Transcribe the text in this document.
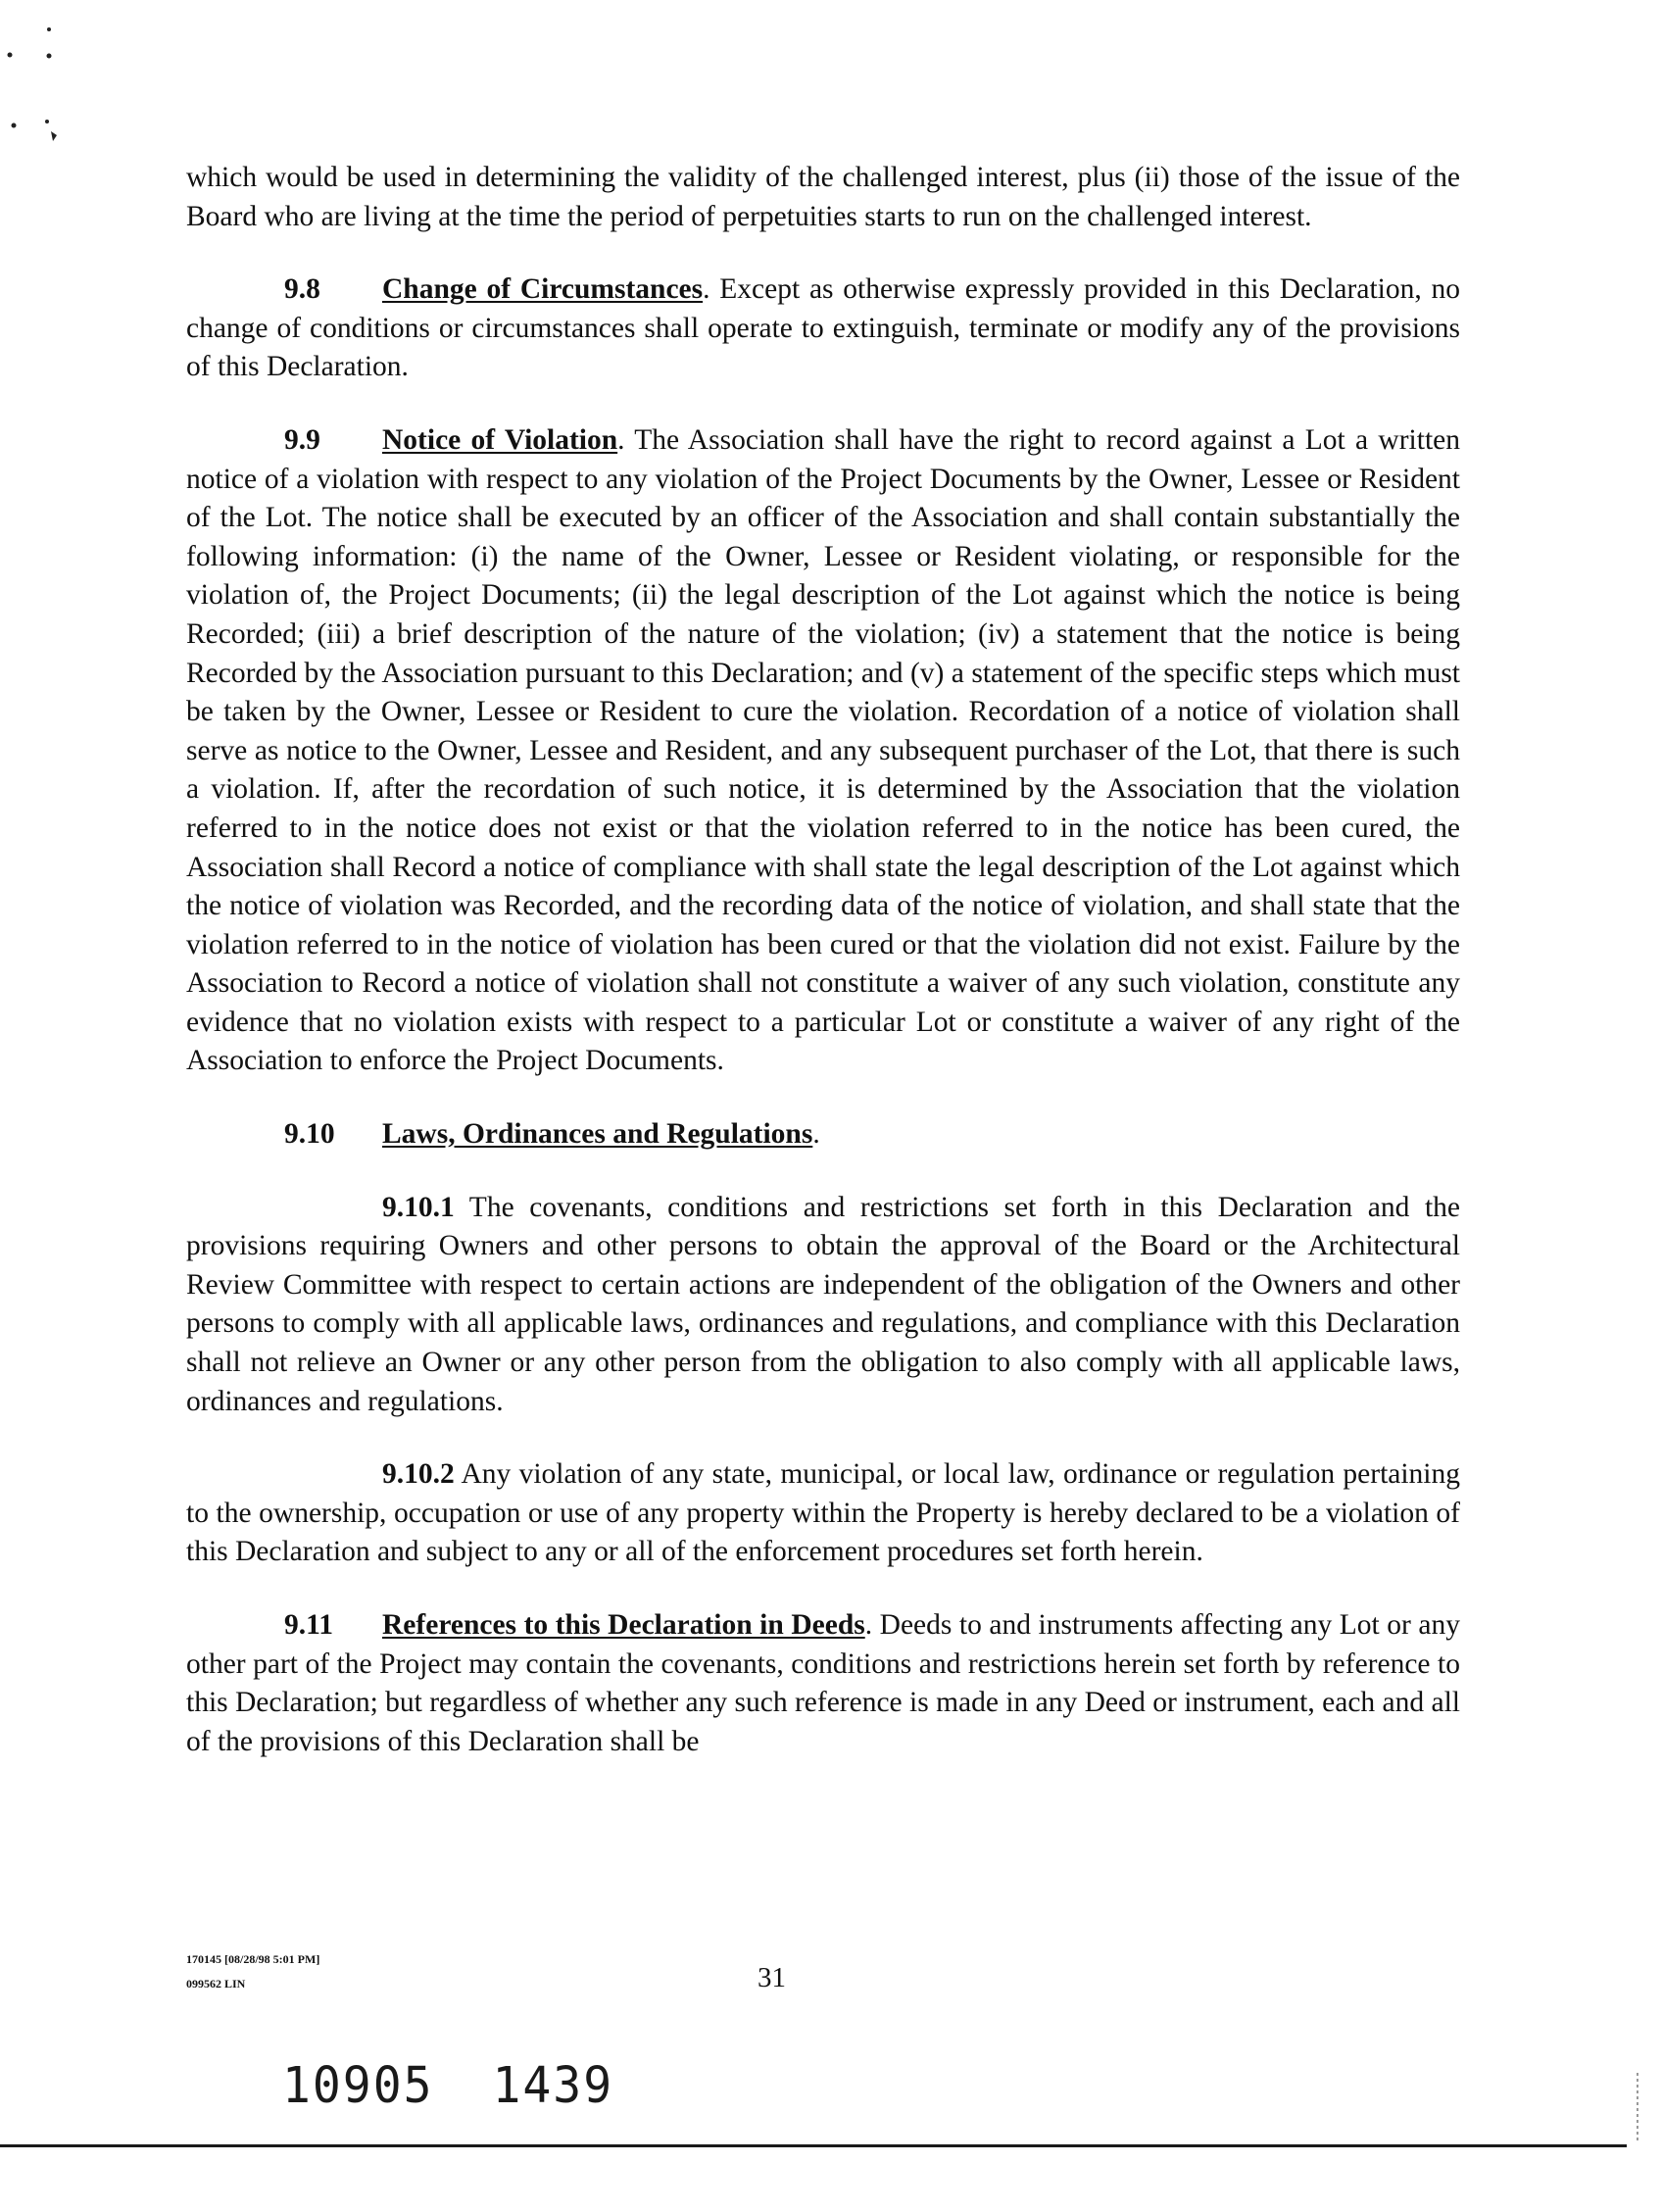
which would be used in determining the validity of the challenged interest, plus (ii) those of the issue of the Board who are living at the time the period of perpetuities starts to run on the challenged interest.

9.8 Change of Circumstances. Except as otherwise expressly provided in this Declaration, no change of conditions or circumstances shall operate to extinguish, terminate or modify any of the provisions of this Declaration.

9.9 Notice of Violation. The Association shall have the right to record against a Lot a written notice of a violation with respect to any violation of the Project Documents by the Owner, Lessee or Resident of the Lot. The notice shall be executed by an officer of the Association and shall contain substantially the following information: (i) the name of the Owner, Lessee or Resident violating, or responsible for the violation of, the Project Documents; (ii) the legal description of the Lot against which the notice is being Recorded; (iii) a brief description of the nature of the violation; (iv) a statement that the notice is being Recorded by the Association pursuant to this Declaration; and (v) a statement of the specific steps which must be taken by the Owner, Lessee or Resident to cure the violation. Recordation of a notice of violation shall serve as notice to the Owner, Lessee and Resident, and any subsequent purchaser of the Lot, that there is such a violation. If, after the recordation of such notice, it is determined by the Association that the violation referred to in the notice does not exist or that the violation referred to in the notice has been cured, the Association shall Record a notice of compliance with shall state the legal description of the Lot against which the notice of violation was Recorded, and the recording data of the notice of violation, and shall state that the violation referred to in the notice of violation has been cured or that the violation did not exist. Failure by the Association to Record a notice of violation shall not constitute a waiver of any such violation, constitute any evidence that no violation exists with respect to a particular Lot or constitute a waiver of any right of the Association to enforce the Project Documents.

9.10 Laws, Ordinances and Regulations.

9.10.1 The covenants, conditions and restrictions set forth in this Declaration and the provisions requiring Owners and other persons to obtain the approval of the Board or the Architectural Review Committee with respect to certain actions are independent of the obligation of the Owners and other persons to comply with all applicable laws, ordinances and regulations, and compliance with this Declaration shall not relieve an Owner or any other person from the obligation to also comply with all applicable laws, ordinances and regulations.

9.10.2 Any violation of any state, municipal, or local law, ordinance or regulation pertaining to the ownership, occupation or use of any property within the Property is hereby declared to be a violation of this Declaration and subject to any or all of the enforcement procedures set forth herein.

9.11 References to this Declaration in Deeds. Deeds to and instruments affecting any Lot or any other part of the Project may contain the covenants, conditions and restrictions herein set forth by reference to this Declaration; but regardless of whether any such reference is made in any Deed or instrument, each and all of the provisions of this Declaration shall be

170145 [08/28/98 5:01 PM]
099562 LIN	31
10905 1439
